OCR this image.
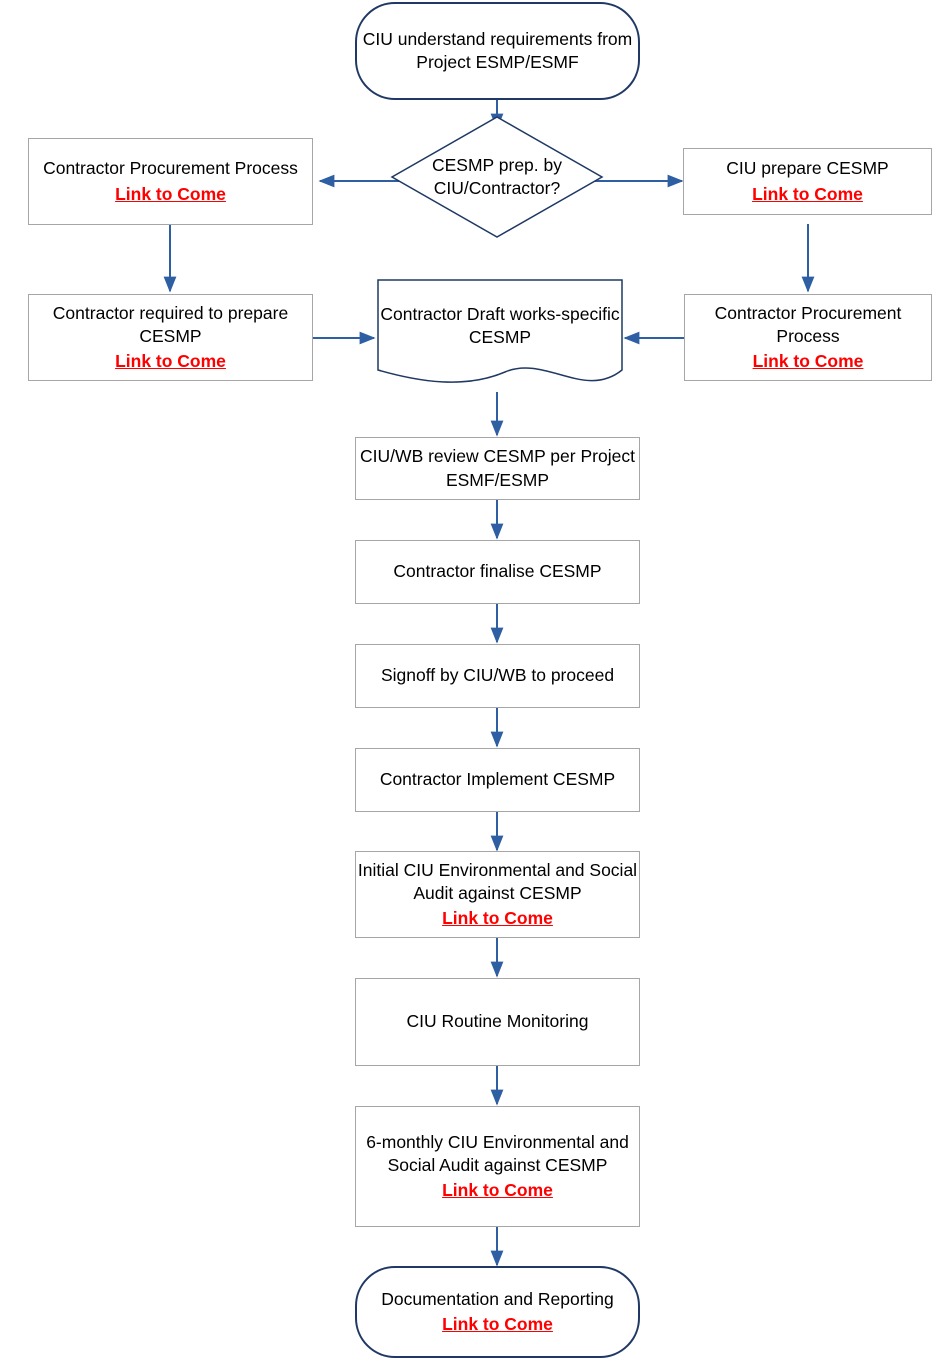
CIU understand requirements from Project ESMP/ESMF
CESMP prep. by CIU/Contractor?
Contractor Procurement Process
Link to Come
CIU prepare CESMP
Link to Come
Contractor required to prepare CESMP
Link to Come
Contractor Draft works-specific CESMP
Contractor Procurement Process
Link to Come
CIU/WB review CESMP per Project ESMF/ESMP
Contractor finalise CESMP
Signoff by CIU/WB to proceed
Contractor Implement CESMP
Initial CIU Environmental and Social Audit against CESMP
Link to Come
CIU Routine Monitoring
6-monthly CIU Environmental and Social Audit against CESMP
Link to Come
Documentation and Reporting
Link to Come
